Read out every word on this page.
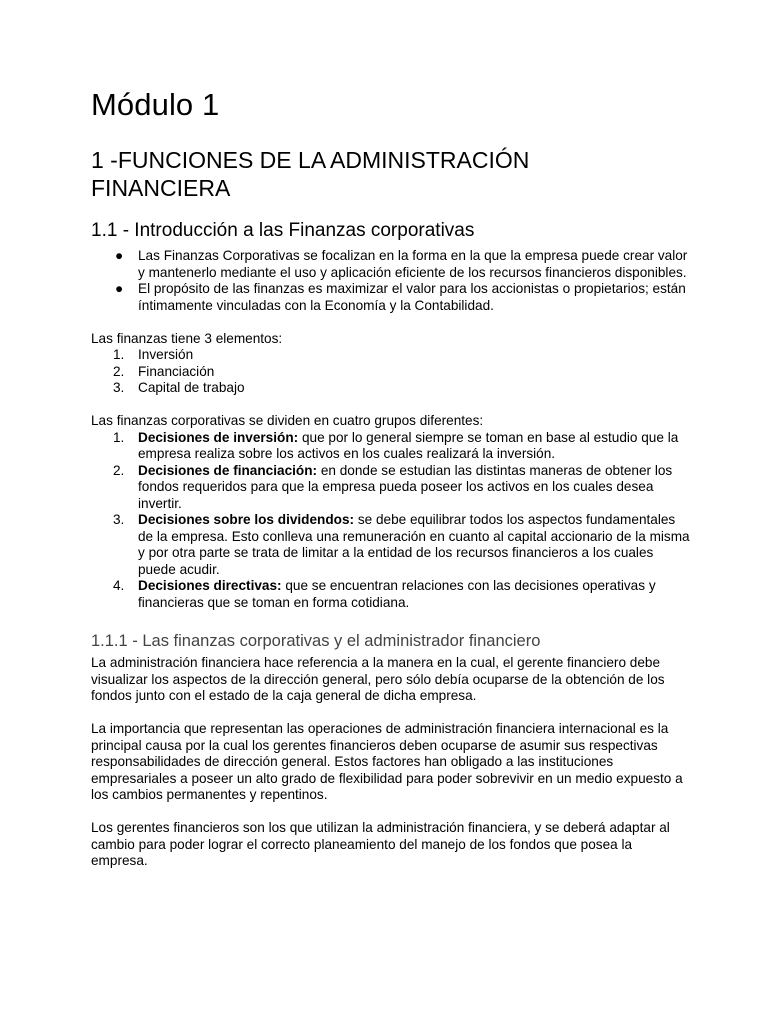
Módulo 1
1 -FUNCIONES DE LA ADMINISTRACIÓN FINANCIERA
1.1 - Introducción a las Finanzas corporativas
● Las Finanzas Corporativas se focalizan en la forma en la que la empresa puede crear valor y mantenerlo mediante el uso y aplicación eficiente de los recursos financieros disponibles.
● El propósito de las finanzas es maximizar el valor para los accionistas o propietarios; están íntimamente vinculadas con la Economía y la Contabilidad.

Las finanzas tiene 3 elementos:

1. Inversión
2. Financiación
3. Capital de trabajo

Las finanzas corporativas se dividen en cuatro grupos diferentes:

1. Decisiones de inversión: que por lo general siempre se toman en base al estudio que la empresa realiza sobre los activos en los cuales realizará la inversión.
2. Decisiones de financiación: en donde se estudian las distintas maneras de obtener los fondos requeridos para que la empresa pueda poseer los activos en los cuales desea invertir.
3. Decisiones sobre los dividendos: se debe equilibrar todos los aspectos fundamentales de la empresa. Esto conlleva una remuneración en cuanto al capital accionario de la misma y por otra parte se trata de limitar a la entidad de los recursos financieros a los cuales puede acudir.
4. Decisiones directivas: que se encuentran relaciones con las decisiones operativas y financieras que se toman en forma cotidiana.
1.1.1 - Las finanzas corporativas y el administrador financiero

La administración financiera hace referencia a la manera en la cual, el gerente financiero debe visualizar los aspectos de la dirección general, pero sólo debía ocuparse de la obtención de los fondos junto con el estado de la caja general de dicha empresa.

La importancia que representan las operaciones de administración financiera internacional es la principal causa por la cual los gerentes financieros deben ocuparse de asumir sus respectivas responsabilidades de dirección general. Estos factores han obligado a las instituciones empresariales a poseer un alto grado de flexibilidad para poder sobrevivir en un medio expuesto a los cambios permanentes y repentinos.

Los gerentes financieros son los que utilizan la administración financiera, y se deberá adaptar al cambio para poder lograr el correcto planeamiento del manejo de los fondos que posea la empresa.
